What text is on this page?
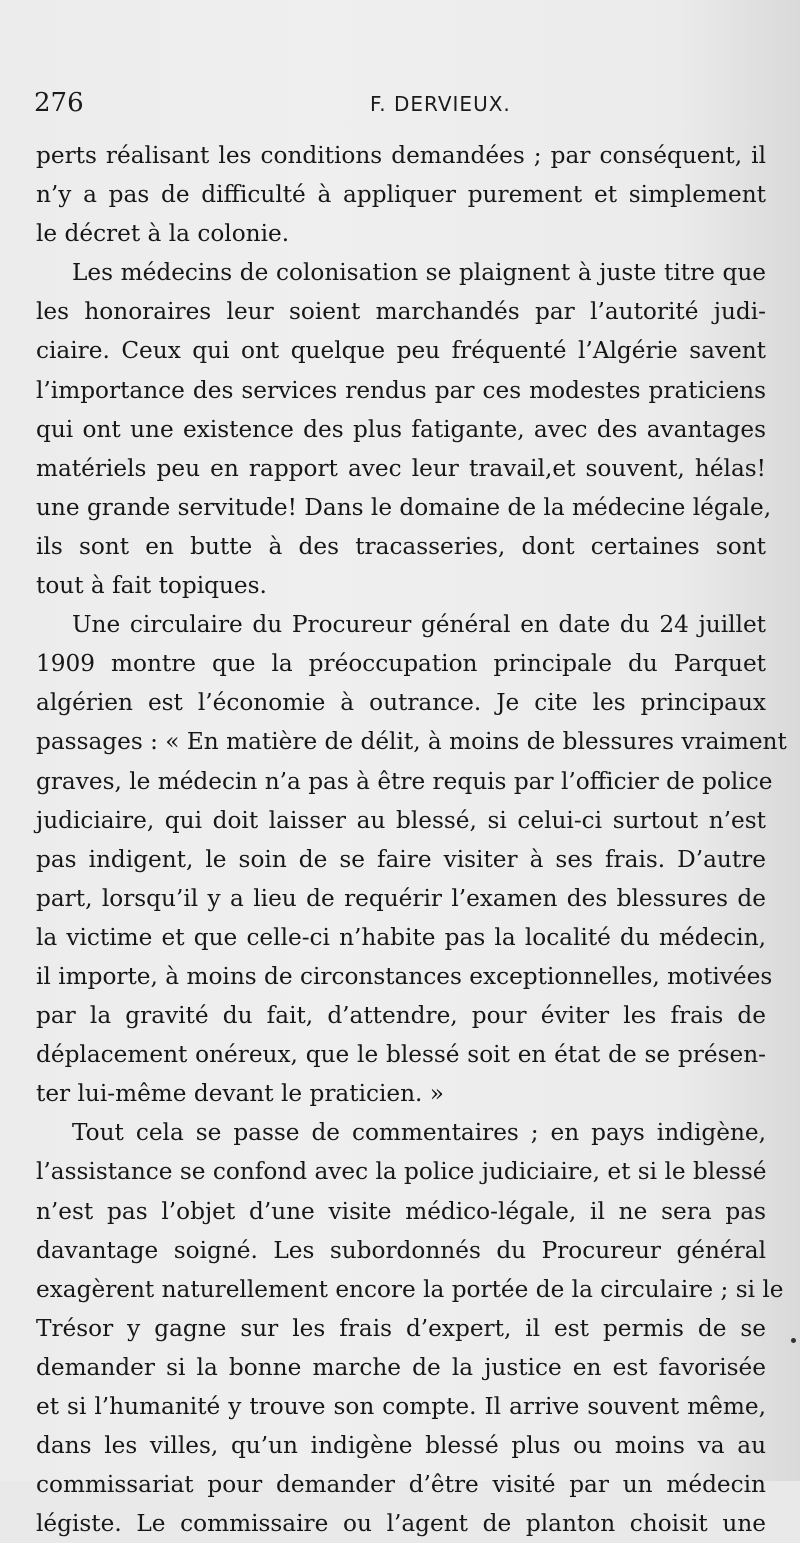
276	F. DERVIEUX.
perts réalisant les conditions demandées ; par conséquent, il
n’y a pas de difficulté à appliquer purement et simplement
le décret à la colonie.
Les médecins de colonisation se plaignent à juste titre que
les honoraires leur soient marchandés par l’autorité judi-
ciaire. Ceux qui ont quelque peu fréquenté l’Algérie savent
l’importance des services rendus par ces modestes praticiens
qui ont une existence des plus fatigante, avec des avantages
matériels peu en rapport avec leur travail,et souvent, hélas!
une grande servitude! Dans le domaine de la médecine légale,
ils sont en butte à des tracasseries, dont certaines sont
tout à fait topiques.
Une circulaire du Procureur général en date du 24 juillet
1909 montre que la préoccupation principale du Parquet
algérien est l’économie à outrance. Je cite les principaux
passages : « En matière de délit, à moins de blessures vraiment
graves, le médecin n’a pas à être requis par l’officier de police
judiciaire, qui doit laisser au blessé, si celui-ci surtout n’est
pas indigent, le soin de se faire visiter à ses frais. D’autre
part, lorsqu’il y a lieu de requérir l’examen des blessures de
la victime et que celle-ci n’habite pas la localité du médecin,
il importe, à moins de circonstances exceptionnelles, motivées
par la gravité du fait, d’attendre, pour éviter les frais de
déplacement onéreux, que le blessé soit en état de se présen-
ter lui-même devant le praticien. »
Tout cela se passe de commentaires ; en pays indigène,
l’assistance se confond avec la police judiciaire, et si le blessé
n’est pas l’objet d’une visite médico-légale, il ne sera pas
davantage soigné. Les subordonnés du Procureur général
exagèrent naturellement encore la portée de la circulaire ; si le
Trésor y gagne sur les frais d’expert, il est permis de se
demander si la bonne marche de la justice en est favorisée
et si l’humanité y trouve son compte. Il arrive souvent même,
dans les villes, qu’un indigène blessé plus ou moins va au
commissariat pour demander d’être visité par un médecin
légiste. Le commissaire ou l’agent de planton choisit une
